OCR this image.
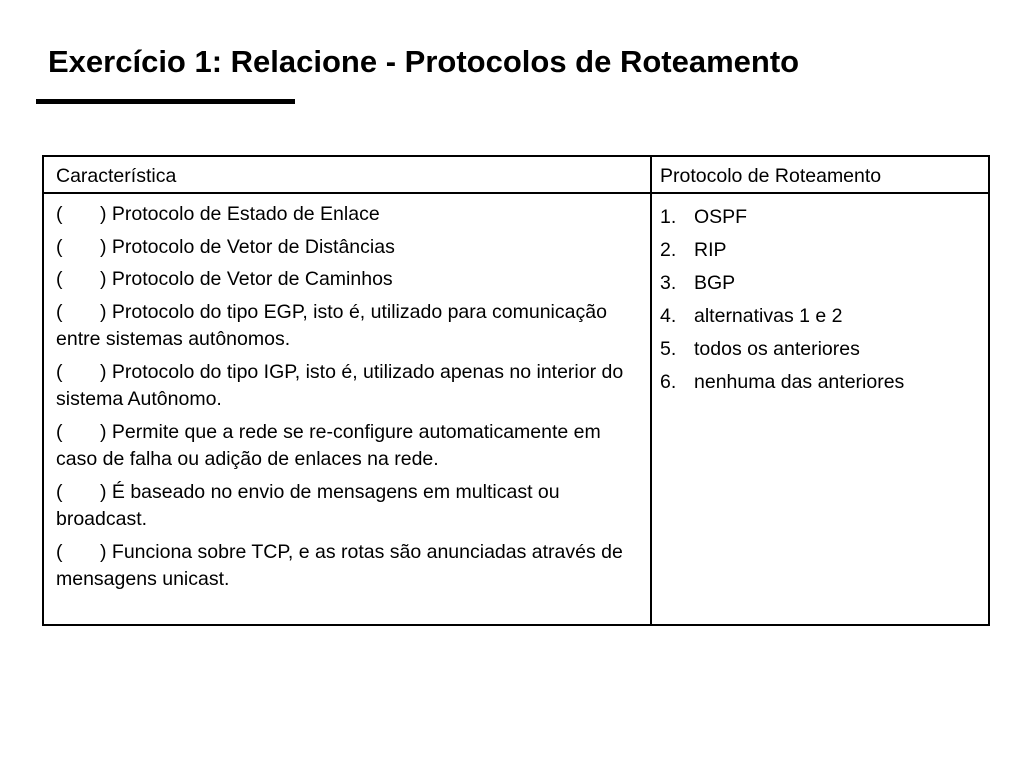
Exercício 1: Relacione - Protocolos de Roteamento
Característica	Protocolo de Roteamento
( ) Protocolo de Estado de Enlace
( ) Protocolo de Vetor de Distâncias
( ) Protocolo de Vetor de Caminhos
( ) Protocolo do tipo EGP, isto é, utilizado para comunicação entre sistemas autônomos.
( ) Protocolo do tipo IGP, isto é, utilizado apenas no interior do sistema Autônomo.
( ) Permite que a rede se re-configure automaticamente em caso de falha ou adição de enlaces na rede.
( ) É baseado no envio de mensagens em multicast ou broadcast.
( ) Funciona sobre TCP, e as rotas são anunciadas através de mensagens unicast.
1. OSPF
2. RIP
3. BGP
4. alternativas 1 e 2
5. todos os anteriores
6. nenhuma das anteriores
